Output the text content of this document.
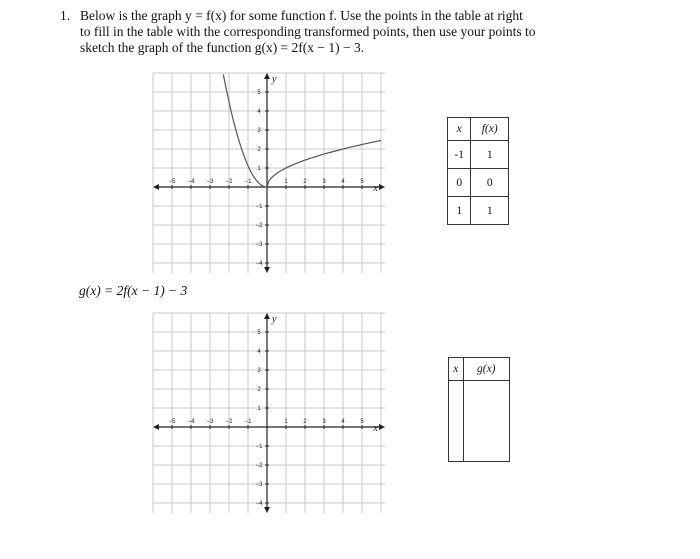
1. Below is the graph y = f(x) for some function f. Use the points in the table at right
to fill in the table with the corresponding transformed points, then use your points to
sketch the graph of the function g(x) = 2f(x − 1) − 3.
−5 −4 −3 −2 −1	1	2	3	4	5
5
4
3
2
1
−1
−2
−3
−4
x
y
x	f(x)
-1	1
0	0
1	1
g(x) = 2f(x − 1) − 3
−5 −4 −3 −2 −1	1	2	3	4	5
5
4
3
2
1
−1
−2
−3
−4
x
y
x	g(x)
